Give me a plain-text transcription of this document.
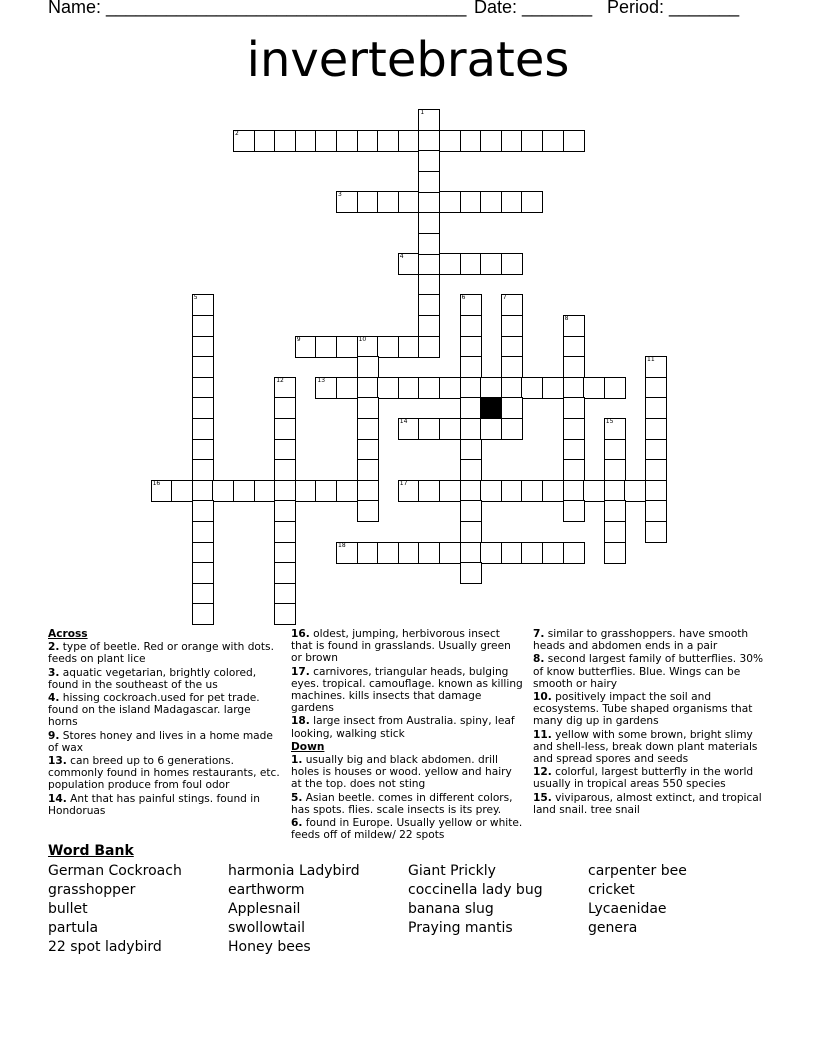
Name: ____________________________________ Date: _______ Period: _______
invertebrates
2
3
4
9	10
13
14
16	17
18
1
5	6	7
8
11
12
15

Across

2. type of beetle. Red or orange with dots. feeds on plant lice

3. aquatic vegetarian, brightly colored, found in the southeast of the us

4. hissing cockroach.used for pet trade. found on the island Madagascar. large horns

9. Stores honey and lives in a home made of wax

13. can breed up to 6 generations. commonly found in homes restaurants, etc. population produce from foul odor

14. Ant that has painful stings. found in Hondoruas

16. oldest, jumping, herbivorous insect that is found in grasslands. Usually green or brown

17. carnivores, triangular heads, bulging eyes. tropical. camouflage. known as killing machines. kills insects that damage gardens

18. large insect from Australia. spiny, leaf looking, walking stick

Down

1. usually big and black abdomen. drill holes is houses or wood. yellow and hairy at the top. does not sting

5. Asian beetle. comes in different colors, has spots. flies. scale insects is its prey.

6. found in Europe. Usually yellow or white. feeds off of mildew/ 22 spots

7. similar to grasshoppers. have smooth heads and abdomen ends in a pair

8. second largest family of butterflies. 30% of know butterflies. Blue. Wings can be smooth or hairy

10. positively impact the soil and ecosystems. Tube shaped organisms that many dig up in gardens

11. yellow with some brown, bright slimy and shell-less, break down plant materials and spread spores and seeds

12. colorful, largest butterfly in the world usually in tropical areas 550 species

15. viviparous, almost extinct, and tropical land snail. tree snail

Word Bank
German Cockroach
grasshopper
bullet
partula
22 spot ladybird
harmonia Ladybird
earthworm
Applesnail
swollowtail
Honey bees
Giant Prickly
coccinella lady bug
banana slug
Praying mantis
carpenter bee
cricket
Lycaenidae
genera
